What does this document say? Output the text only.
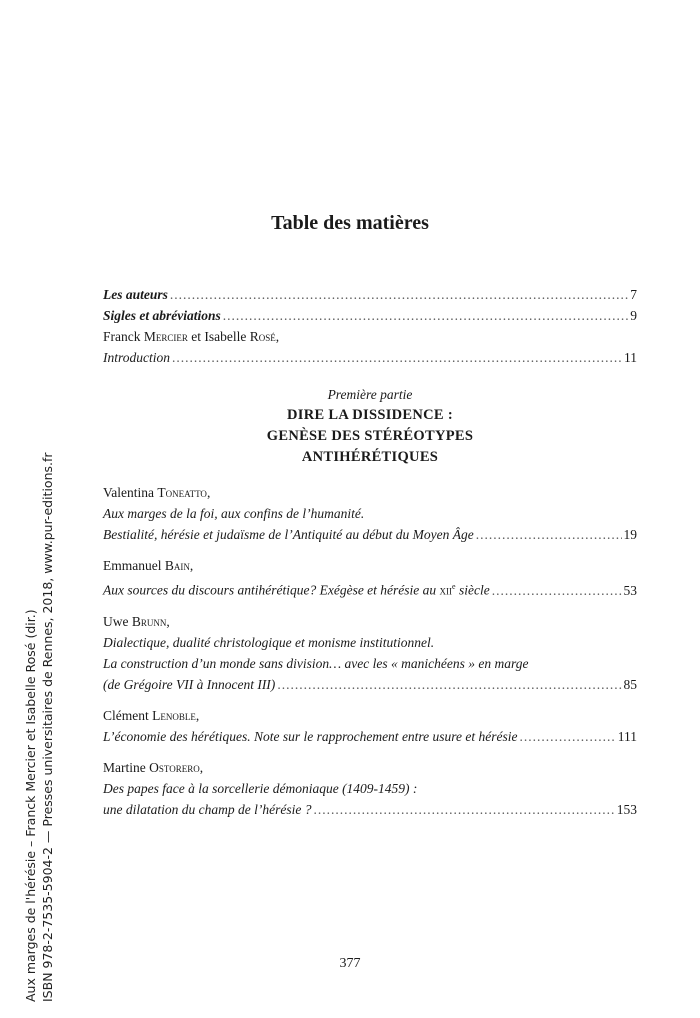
Table des matières
Les auteurs .....	7
Sigles et abréviations .....	9
Franck Mercier et Isabelle Rosé,
Introduction .....	11
Première partie
DIRE LA DISSIDENCE :
GENÈSE DES STÉRÉOTYPES
ANTIHÉRÉTIQUES
Valentina Toneatto,
Aux marges de la foi, aux confins de l’humanité.
Bestialité, hérésie et judaïsme de l’Antiquité au début du Moyen Âge .....	19
Emmanuel Bain,
Aux sources du discours antihérétique? Exégèse et hérésie au xii$^e$ siècle .....	53
Uwe Brunn,
Dialectique, dualité christologique et monisme institutionnel.
La construction d’un monde sans division… avec les « manichéens » en marge
(de Grégoire VII à Innocent III) .....	85
Clément Lenoble,
L’économie des hérétiques. Note sur le rapprochement entre usure et hérésie .....	111
Martine Ostorero,
Des papes face à la sorcellerie démoniaque (1409-1459) :
une dilatation du champ de l’hérésie ? .....	153
Aux marges de l'hérésie – Franck Mercier et Isabelle Rosé (dir.) ISBN 978-2-7535-5904-2 — Presses universitaires de Rennes, 2018, www.pur-editions.fr	377
